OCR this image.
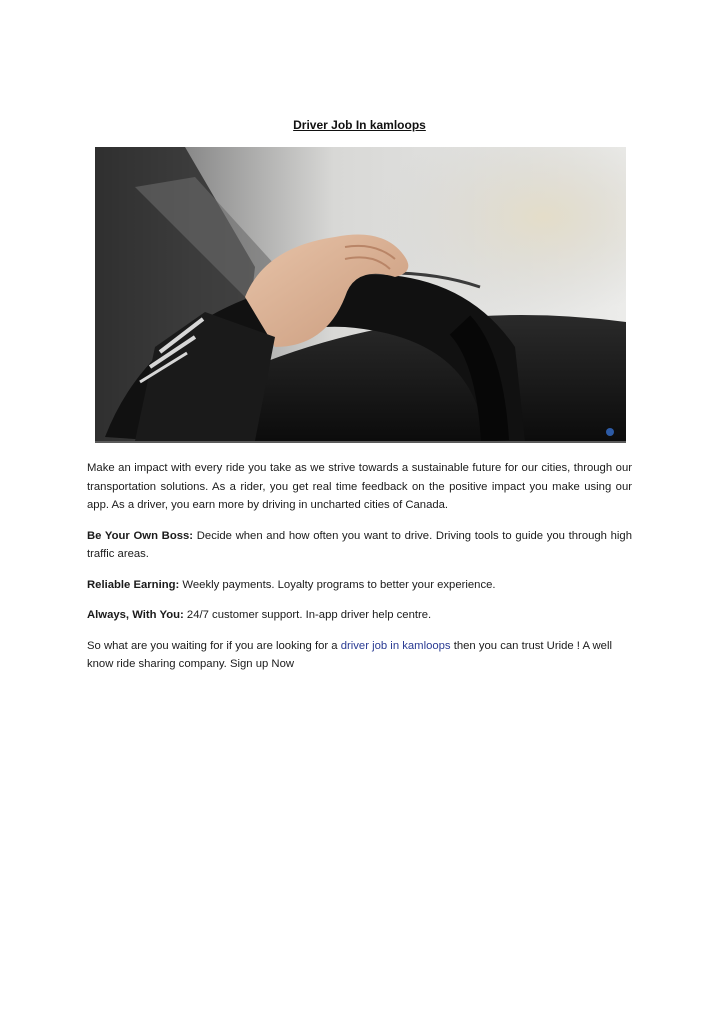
Driver Job In kamloops

Make an impact with every ride you take as we strive towards a sustainable future for our cities, through our transportation solutions. As a rider, you get real time feedback on the positive impact you make using our app. As a driver, you earn more by driving in uncharted cities of Canada.

Be Your Own Boss: Decide when and how often you want to drive. Driving tools to guide you through high traffic areas.

Reliable Earning: Weekly payments. Loyalty programs to better your experience.

Always, With You: 24/7 customer support. In-app driver help centre.

So what are you waiting for if you are looking for a driver job in kamloops then you can trust Uride ! A well know ride sharing company. Sign up Now
